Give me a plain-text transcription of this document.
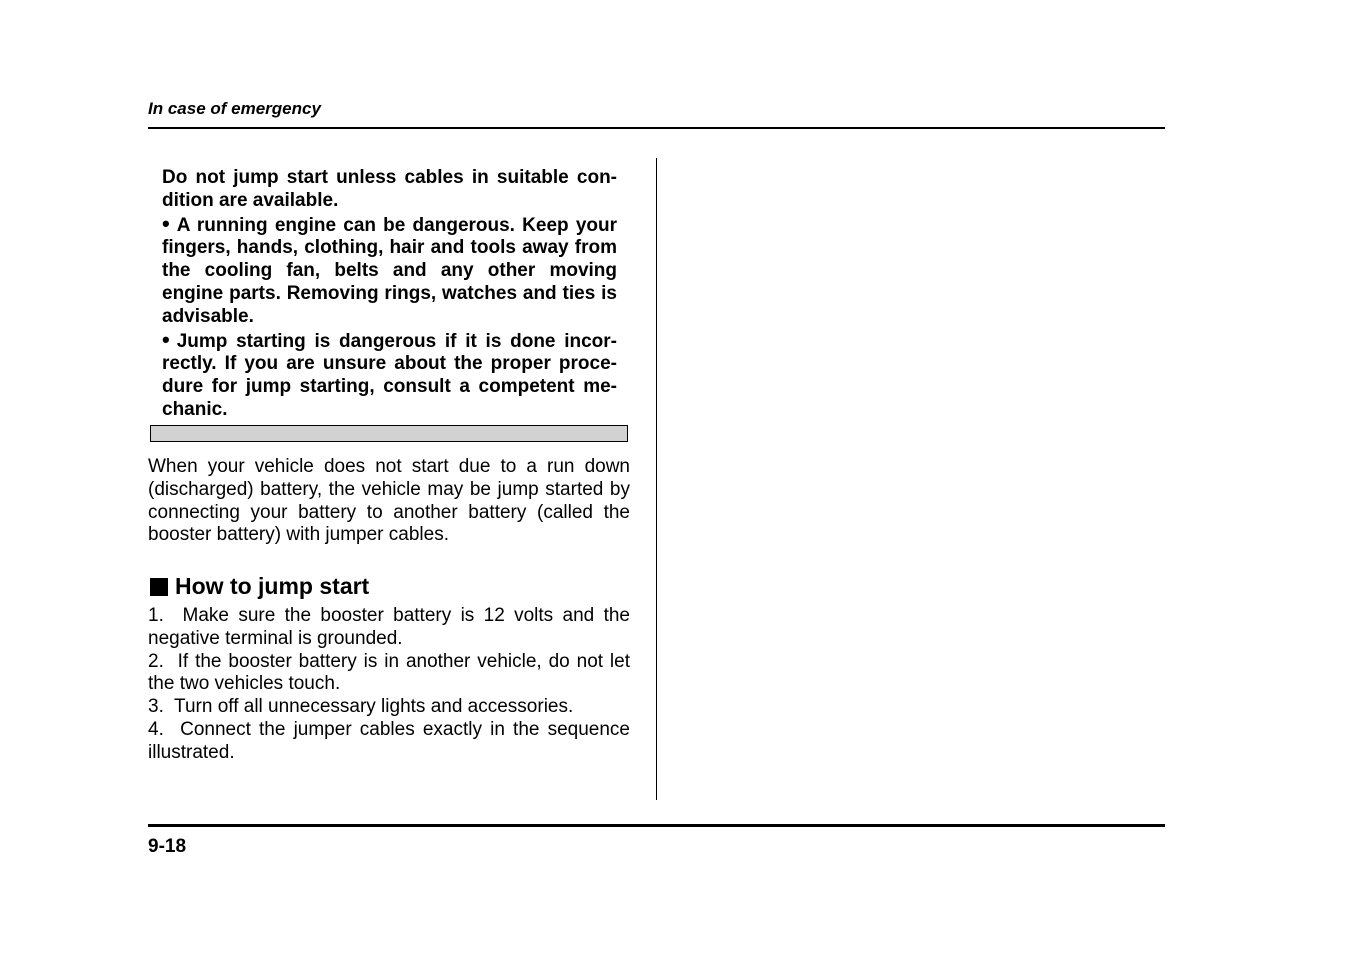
In case of emergency

Do not jump start unless cables in suitable condition are available.

• A running engine can be dangerous. Keep your fingers, hands, clothing, hair and tools away from the cooling fan, belts and any other moving engine parts. Removing rings, watches and ties is advisable.

• Jump starting is dangerous if it is done incorrectly. If you are unsure about the proper procedure for jump starting, consult a competent mechanic.

When your vehicle does not start due to a run down (discharged) battery, the vehicle may be jump started by connecting your battery to another battery (called the booster battery) with jumper cables.

How to jump start
1.  Make sure the booster battery is 12 volts and the negative terminal is grounded.
2.  If the booster battery is in another vehicle, do not let the two vehicles touch.
3.  Turn off all unnecessary lights and accessories.
4.  Connect the jumper cables exactly in the sequence illustrated.
9-18
